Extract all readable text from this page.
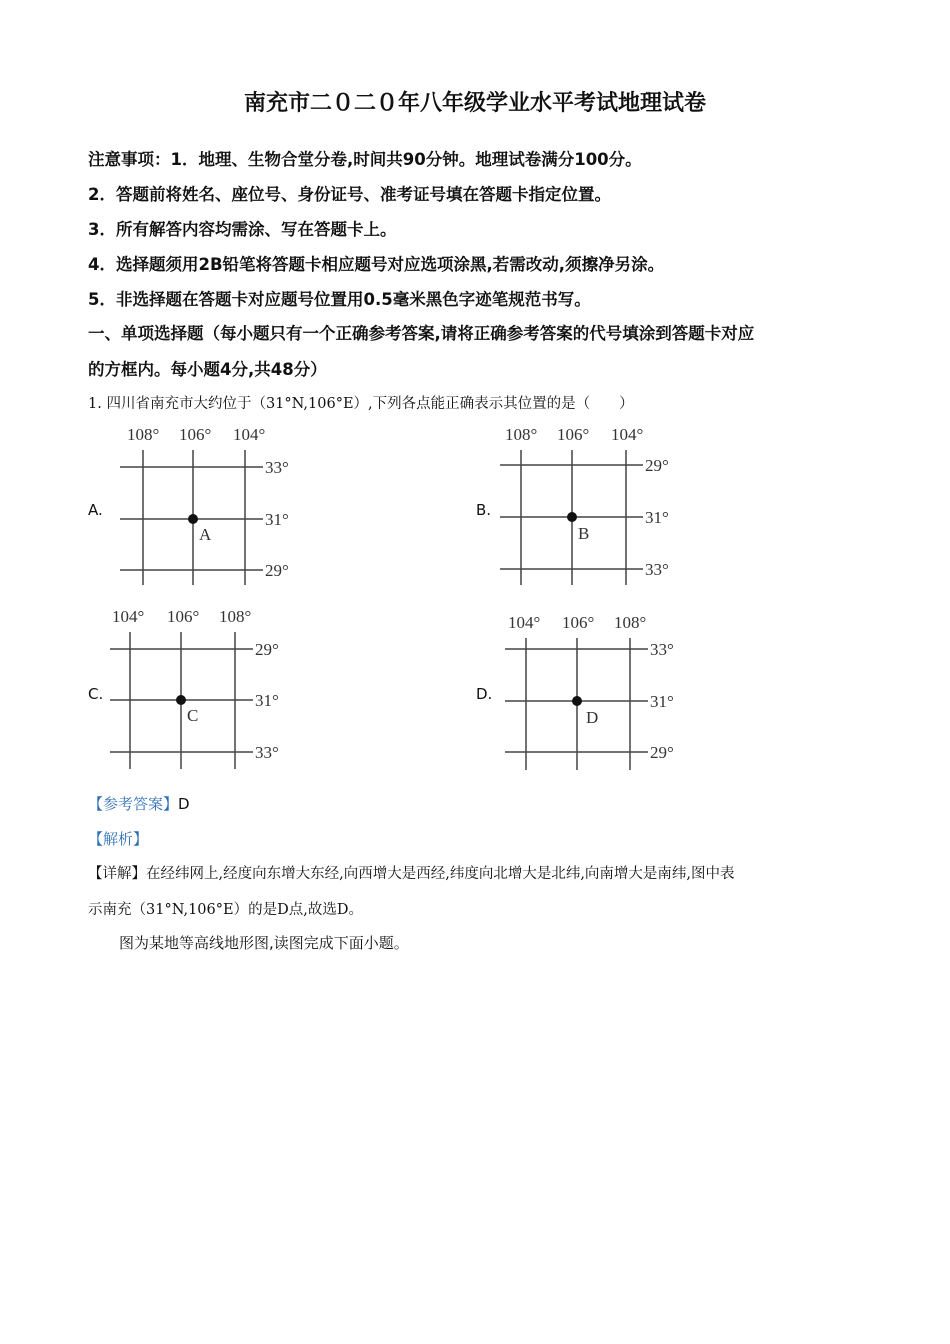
南充市二０二０年八年级学业水平考试地理试卷
注意事项：1．地理、生物合堂分卷,时间共90分钟。地理试卷满分100分。
2．答题前将姓名、座位号、身份证号、准考证号填在答题卡指定位置。
3．所有解答内容均需涂、写在答题卡上。
4．选择题须用2B铅笔将答题卡相应题号对应选项涂黑,若需改动,须擦净另涂。
5．非选择题在答题卡对应题号位置用0.5毫米黑色字迹笔规范书写。
一、单项选择题（每小题只有一个正确参考答案,请将正确参考答案的代号填涂到答题卡对应
的方框内。每小题4分,共48分）
1. 四川省南充市大约位于（31°N,106°E）,下列各点能正确表示其位置的是（　　）
A.
108° 106° 104°
33°
31°
29°
A
B.
108° 106° 104°
29°
31°
33°
B
C.
104° 106° 108°
29°
31°
33°
C
D.
104° 106° 108°
33°
31°
29°
D
【参考答案】D
【解析】
【详解】在经纬网上,经度向东增大东经,向西增大是西经,纬度向北增大是北纬,向南增大是南纬,图中表
示南充（31°N,106°E）的是D点,故选D。
图为某地等高线地形图,读图完成下面小题。
